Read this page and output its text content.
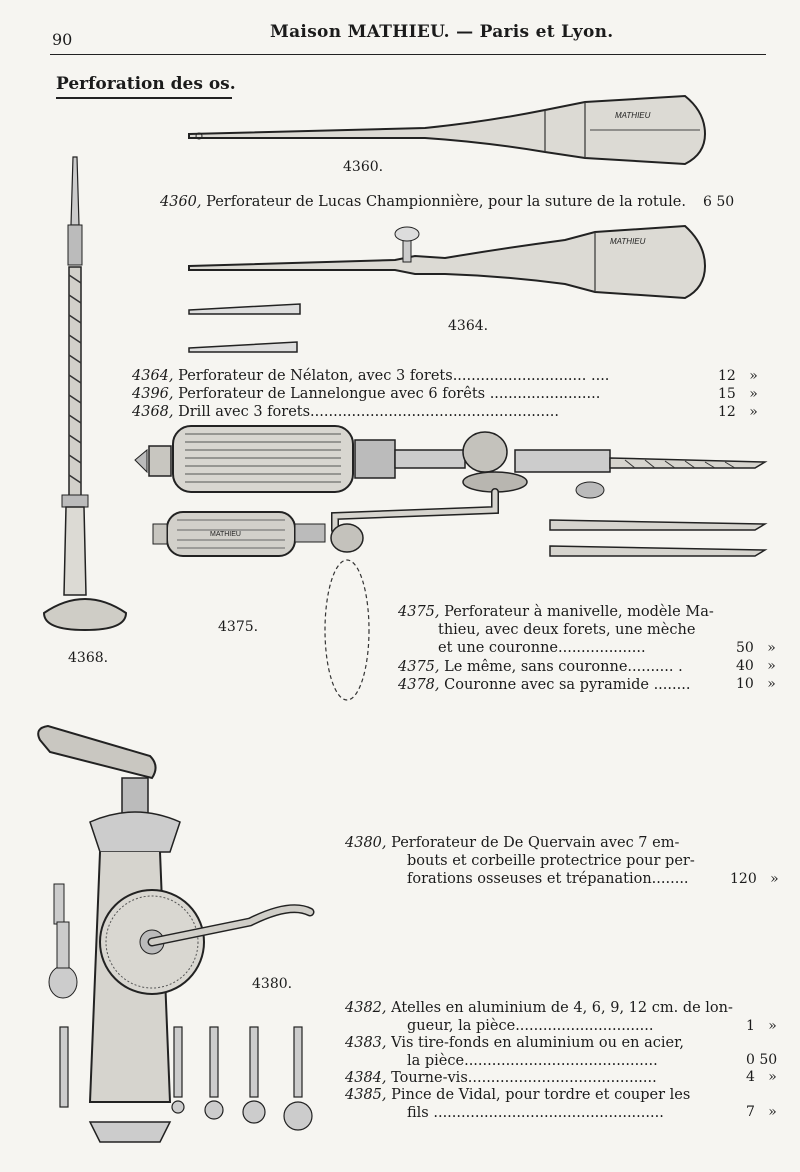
90	Maison MATHIEU. — Paris et Lyon.
Perforation des os.
MATHIEU
4360.
4360, Perforateur de Lucas Championnière, pour la suture de la rotule. 6 50
MATHIEU
4364.
4368.
4364, Perforateur de Nélaton, avec 3 forets............................. ....	12 »
4396, Perforateur de Lannelongue avec 6 forêts ........................	15 »
4368, Drill avec 3 forets......................................................	12 »
MATHIEU
4375.
4375, Perforateur à manivelle, modèle Ma-
thieu, avec deux forets, une mèche
et une couronne...................	50 »
4375, Le même, sans couronne.......... .	40 »
4378, Couronne avec sa pyramide ........	10 »
4380.
4380, Perforateur de De Quervain avec 7 em-
bouts et corbeille protectrice pour per-
forations osseuses et trépanation........	120 »
4382, Atelles en aluminium de 4, 6, 9, 12 cm. de lon-
gueur, la pièce..............................	1 »
4383, Vis tire-fonds en aluminium ou en acier,
la pièce..........................................	0 50
4384, Tourne-vis.........................................	4 »
4385, Pince de Vidal, pour tordre et couper les
fils ..................................................	7 »
